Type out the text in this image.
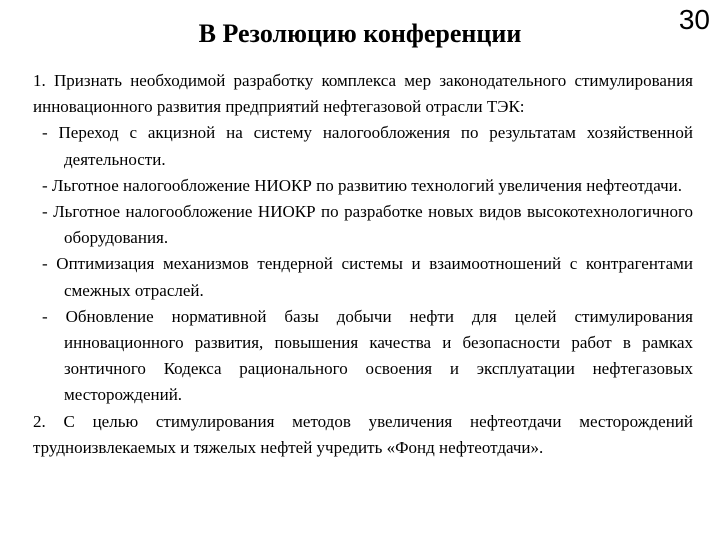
В Резолюцию конференции	30

1. Признать необходимой разработку комплекса мер законодательного стимулирования инновационного развития предприятий нефтегазовой отрасли ТЭК:

- Переход с акцизной на систему налогообложения по результатам хозяйственной деятельности.
- Льготное налогообложение НИОКР по развитию технологий увеличения нефтеотдачи.
- Льготное налогообложение НИОКР по разработке новых видов высокотехнологичного оборудования.
- Оптимизация механизмов тендерной системы и взаимоотношений с контрагентами смежных отраслей.
- Обновление нормативной базы добычи нефти для целей стимулирования инновационного развития, повышения качества и безопасности работ в рамках зонтичного Кодекса рационального освоения и эксплуатации нефтегазовых месторождений.

2. С целью стимулирования методов увеличения нефтеотдачи месторождений трудноизвлекаемых и тяжелых нефтей учредить «Фонд нефтеотдачи».
